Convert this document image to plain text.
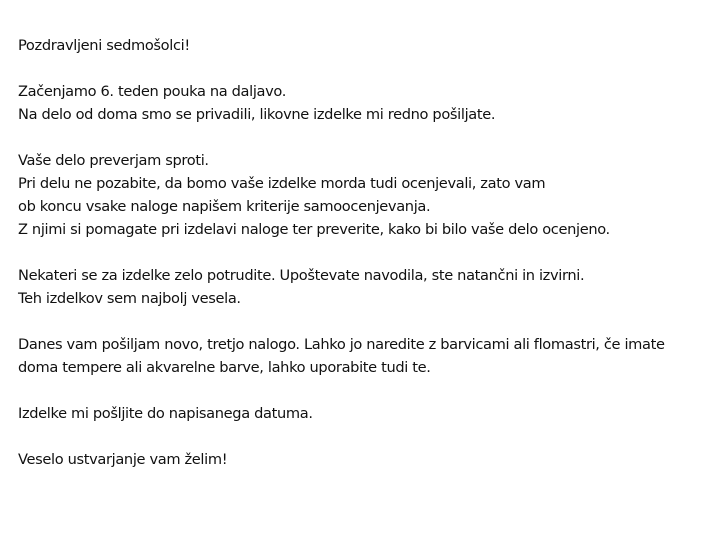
Pozdravljeni sedmošolci!

Začenjamo 6. teden pouka na daljavo.
Na delo od doma smo se privadili, likovne izdelke mi redno pošiljate.

Vaše delo preverjam sproti.
Pri delu ne pozabite, da bomo vaše izdelke morda tudi ocenjevali, zato vam
ob koncu vsake naloge napišem kriterije samoocenjevanja.
Z njimi si pomagate pri izdelavi naloge ter preverite, kako bi bilo vaše delo ocenjeno.

Nekateri se za izdelke zelo potrudite. Upoštevate navodila, ste natančni in izvirni.
Teh izdelkov sem najbolj vesela.

Danes vam pošiljam novo, tretjo nalogo. Lahko jo naredite z barvicami ali flomastri, če imate
doma tempere ali akvarelne barve, lahko uporabite tudi te.

Izdelke mi pošljite do napisanega datuma.

Veselo ustvarjanje vam želim!
